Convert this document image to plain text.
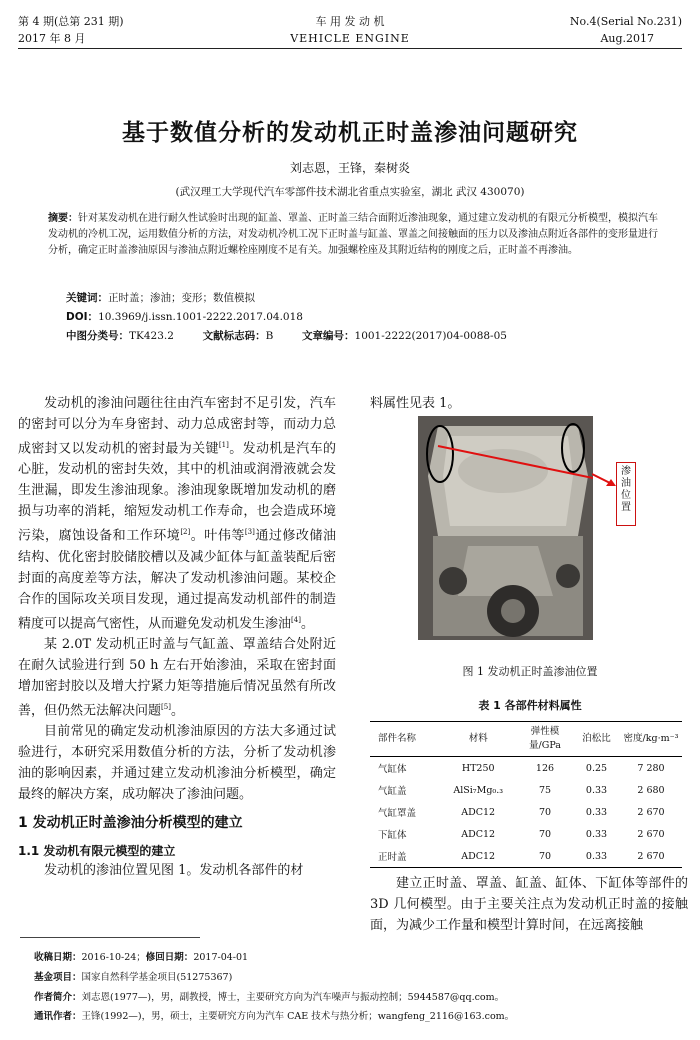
第 4 期(总第 231 期)
2017 年 8 月
车 用 发 动 机
VEHICLE ENGINE
No.4(Serial No.231)
Aug.2017
基于数值分析的发动机正时盖渗油问题研究
刘志恩，王锋，秦树炎
(武汉理工大学现代汽车零部件技术湖北省重点实验室，湖北 武汉 430070)
摘要：针对某发动机在进行耐久性试验时出现的缸盖、罩盖、正时盖三结合面附近渗油现象，通过建立发动机的有限元分析模型，模拟汽车发动机的冷机工况，运用数值分析的方法，对发动机冷机工况下正时盖与缸盖、罩盖之间接触面的压力以及渗油点附近各部件的变形量进行分析，确定正时盖渗油原因与渗油点附近螺栓座刚度不足有关。加强螺栓座及其附近结构的刚度之后，正时盖不再渗油。
关键词：正时盖；渗油；变形；数值模拟
DOI：10.3969/j.issn.1001-2222.2017.04.018
中图分类号：TK423.2	文献标志码：B	文章编号：1001-2222(2017)04-0088-05

发动机的渗油问题往往由汽车密封不足引发，汽车的密封可以分为车身密封、动力总成密封等，而动力总成密封又以发动机的密封最为关键[1]。发动机是汽车的心脏，发动机的密封失效，其中的机油或润滑液就会发生泄漏，即发生渗油现象。渗油现象既增加发动机的磨损与功率的消耗，缩短发动机工作寿命，也会造成环境污染，腐蚀设备和工作环境[2]。叶伟等[3]通过修改储油结构、优化密封胶储胶槽以及减少缸体与缸盖装配后密封面的高度差等方法，解决了发动机渗油问题。某校企合作的国际攻关项目发现，通过提高发动机部件的制造精度可以提高气密性，从而避免发动机发生渗油[4]。

某 2.0T 发动机正时盖与气缸盖、罩盖结合处附近在耐久试验进行到 50 h 左右开始渗油，采取在密封面增加密封胶以及增大拧紧力矩等措施后情况虽然有所改善，但仍然无法解决问题[5]。

目前常见的确定发动机渗油原因的方法大多通过试验进行，本研究采用数值分析的方法，分析了发动机渗油的影响因素，并通过建立发动机渗油分析模型，确定最终的解决方案，成功解决了渗油问题。

1 发动机正时盖渗油分析模型的建立
1.1 发动机有限元模型的建立

发动机的渗油位置见图 1。发动机各部件的材

料属性见表 1。
渗油位置
图 1 发动机正时盖渗油位置
表 1 各部件材料属性
部件名称	材料	弹性模量/GPa	泊松比	密度/kg·m⁻³
气缸体	HT250	126	0.25	7 280
气缸盖	AlSi₇Mg₀.₃	75	0.33	2 680
气缸罩盖	ADC12	70	0.33	2 670
下缸体	ADC12	70	0.33	2 670
正时盖	ADC12	70	0.33	2 670

建立正时盖、罩盖、缸盖、缸体、下缸体等部件的 3D 几何模型。由于主要关注点为发动机正时盖的接触面，为减少工作量和模型计算时间，在远离接触

收稿日期：2016-10-24；修回日期：2017-04-01
基金项目：国家自然科学基金项目(51275367)
作者简介：刘志恩(1977—)，男，副教授，博士，主要研究方向为汽车噪声与振动控制；5944587@qq.com。
通讯作者：王锋(1992—)，男，硕士，主要研究方向为汽车 CAE 技术与热分析；wangfeng_2116@163.com。
